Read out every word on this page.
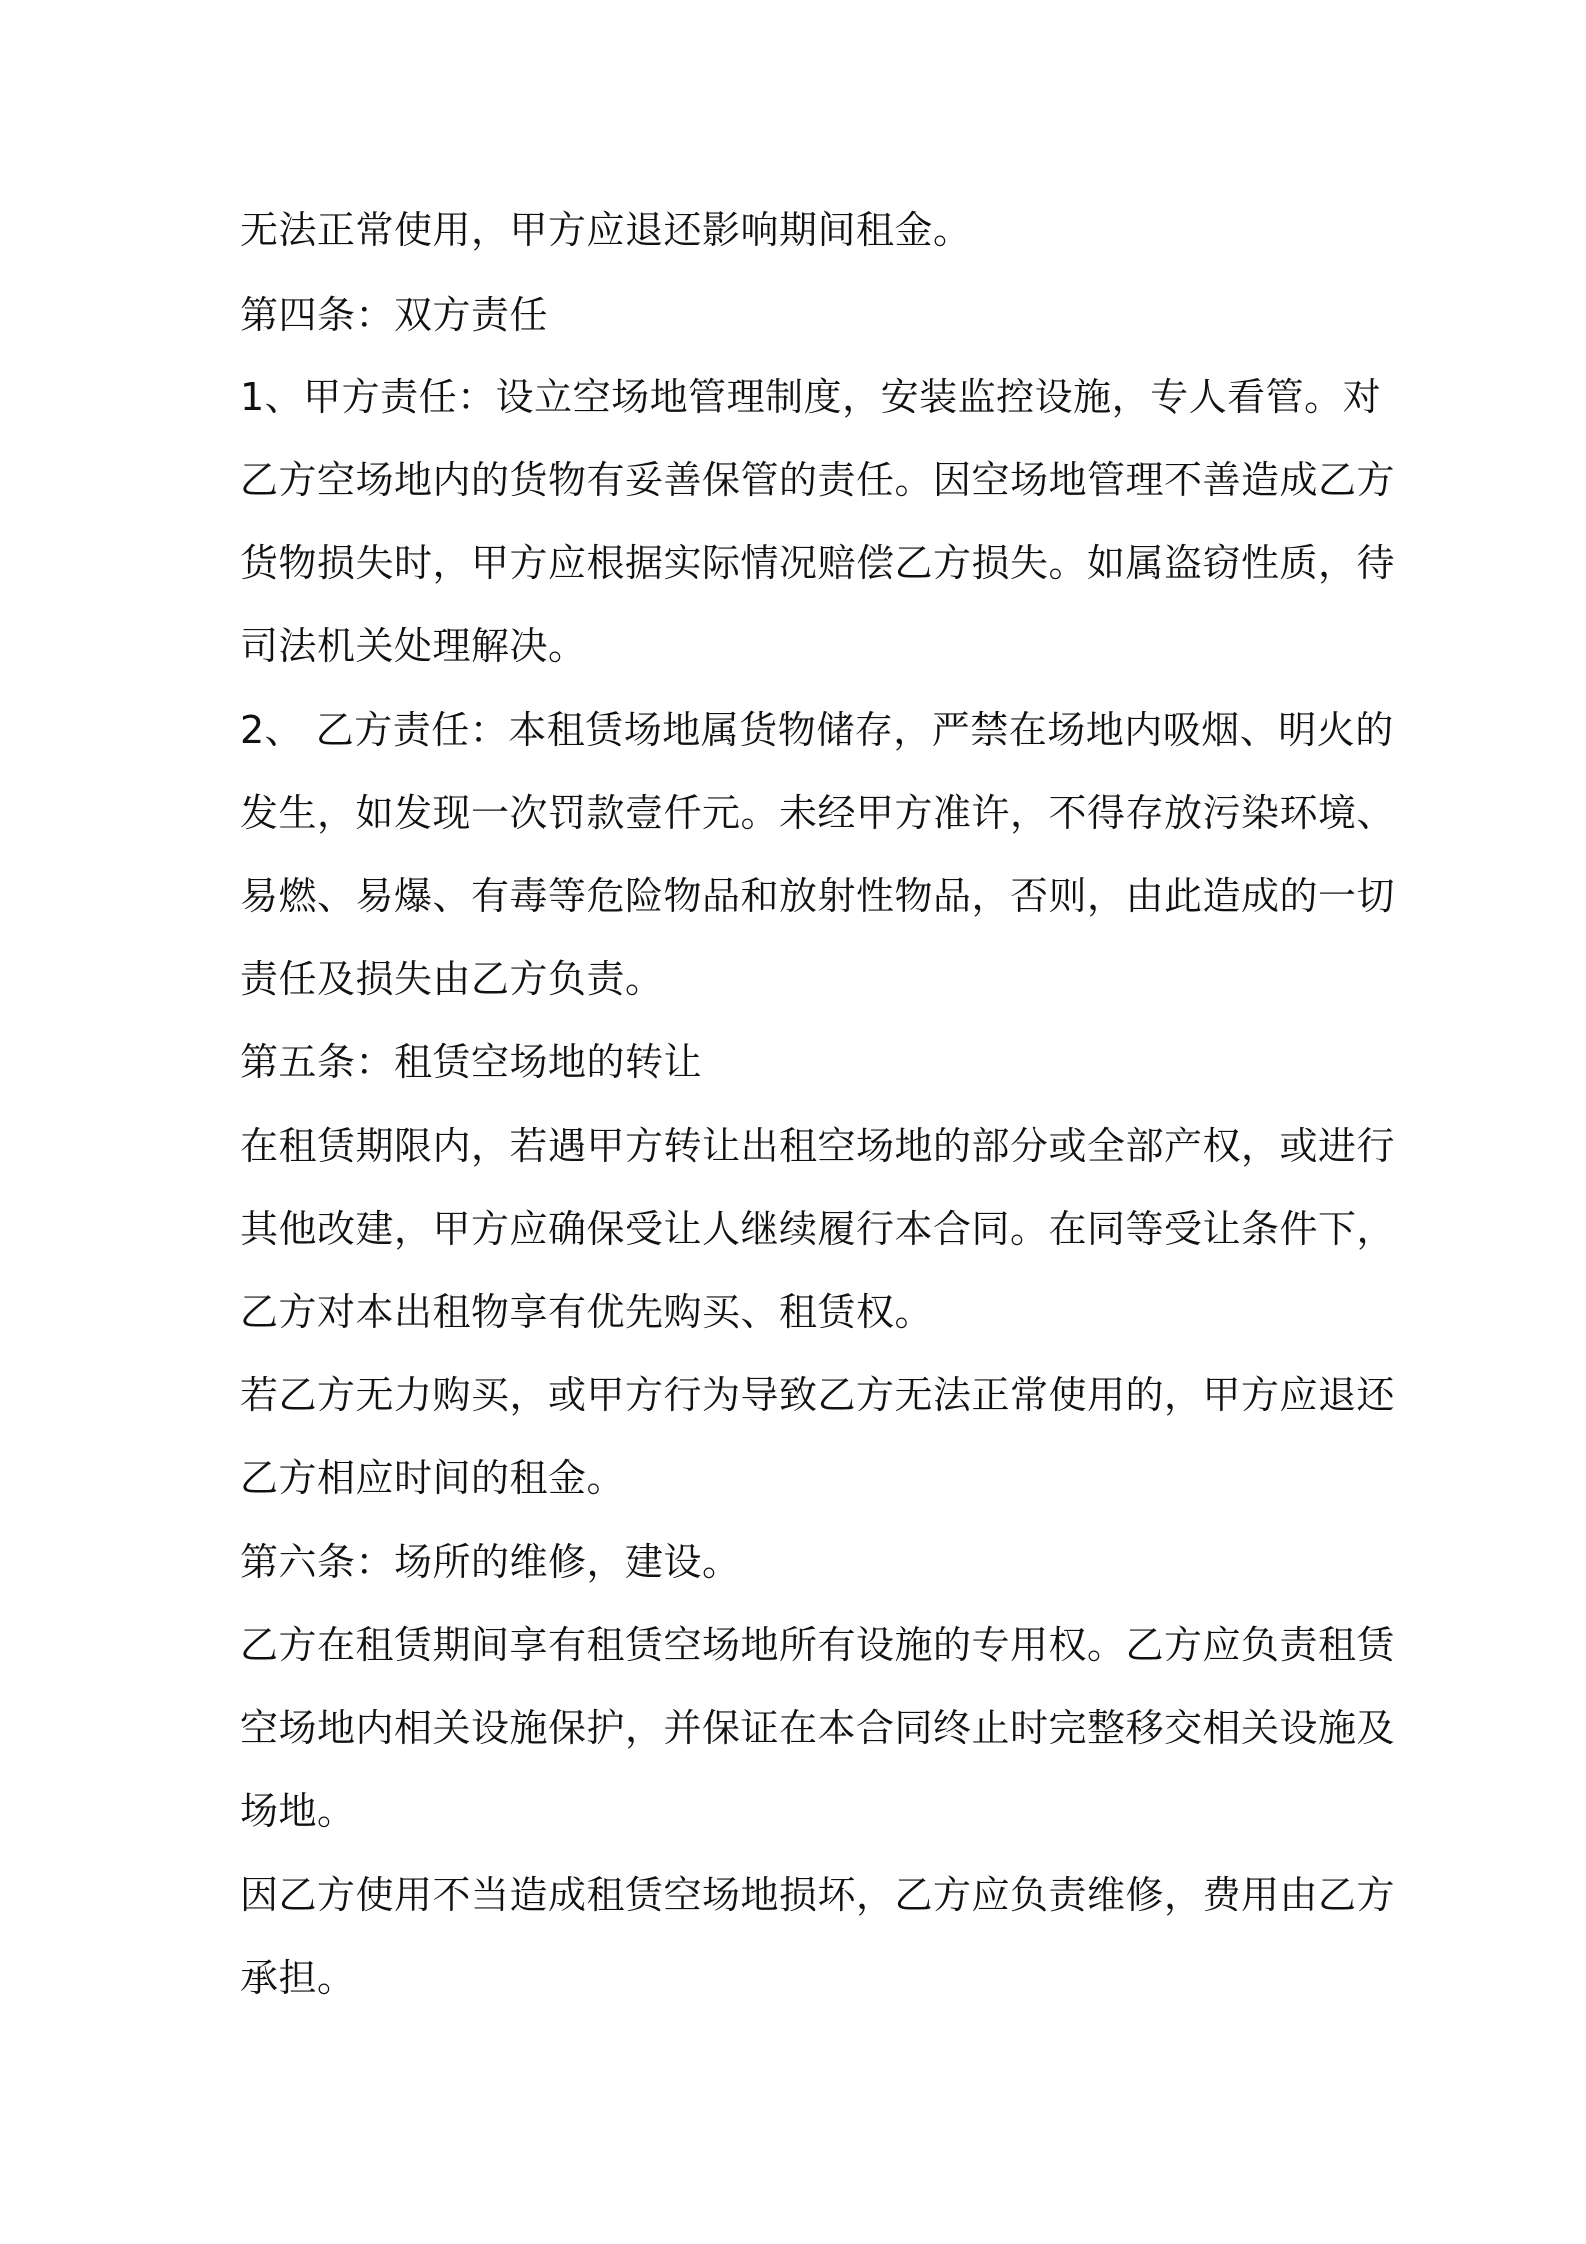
无法正常使用，甲方应退还影响期间租金。
第四条：双方责任
1、甲方责任：设立空场地管理制度，安装监控设施，专人看管。对
乙方空场地内的货物有妥善保管的责任。因空场地管理不善造成乙方
货物损失时，甲方应根据实际情况赔偿乙方损失。如属盗窃性质，待
司法机关处理解决。
2、 乙方责任：本租赁场地属货物储存，严禁在场地内吸烟、明火的
发生，如发现一次罚款壹仟元。未经甲方准许，不得存放污染环境、
易燃、易爆、有毒等危险物品和放射性物品，否则，由此造成的一切
责任及损失由乙方负责。
第五条：租赁空场地的转让
在租赁期限内，若遇甲方转让出租空场地的部分或全部产权，或进行
其他改建，甲方应确保受让人继续履行本合同。在同等受让条件下，
乙方对本出租物享有优先购买、租赁权。
若乙方无力购买，或甲方行为导致乙方无法正常使用的，甲方应退还
乙方相应时间的租金。
第六条：场所的维修，建设。
乙方在租赁期间享有租赁空场地所有设施的专用权。乙方应负责租赁
空场地内相关设施保护，并保证在本合同终止时完整移交相关设施及
场地。
因乙方使用不当造成租赁空场地损坏，乙方应负责维修，费用由乙方
承担。
